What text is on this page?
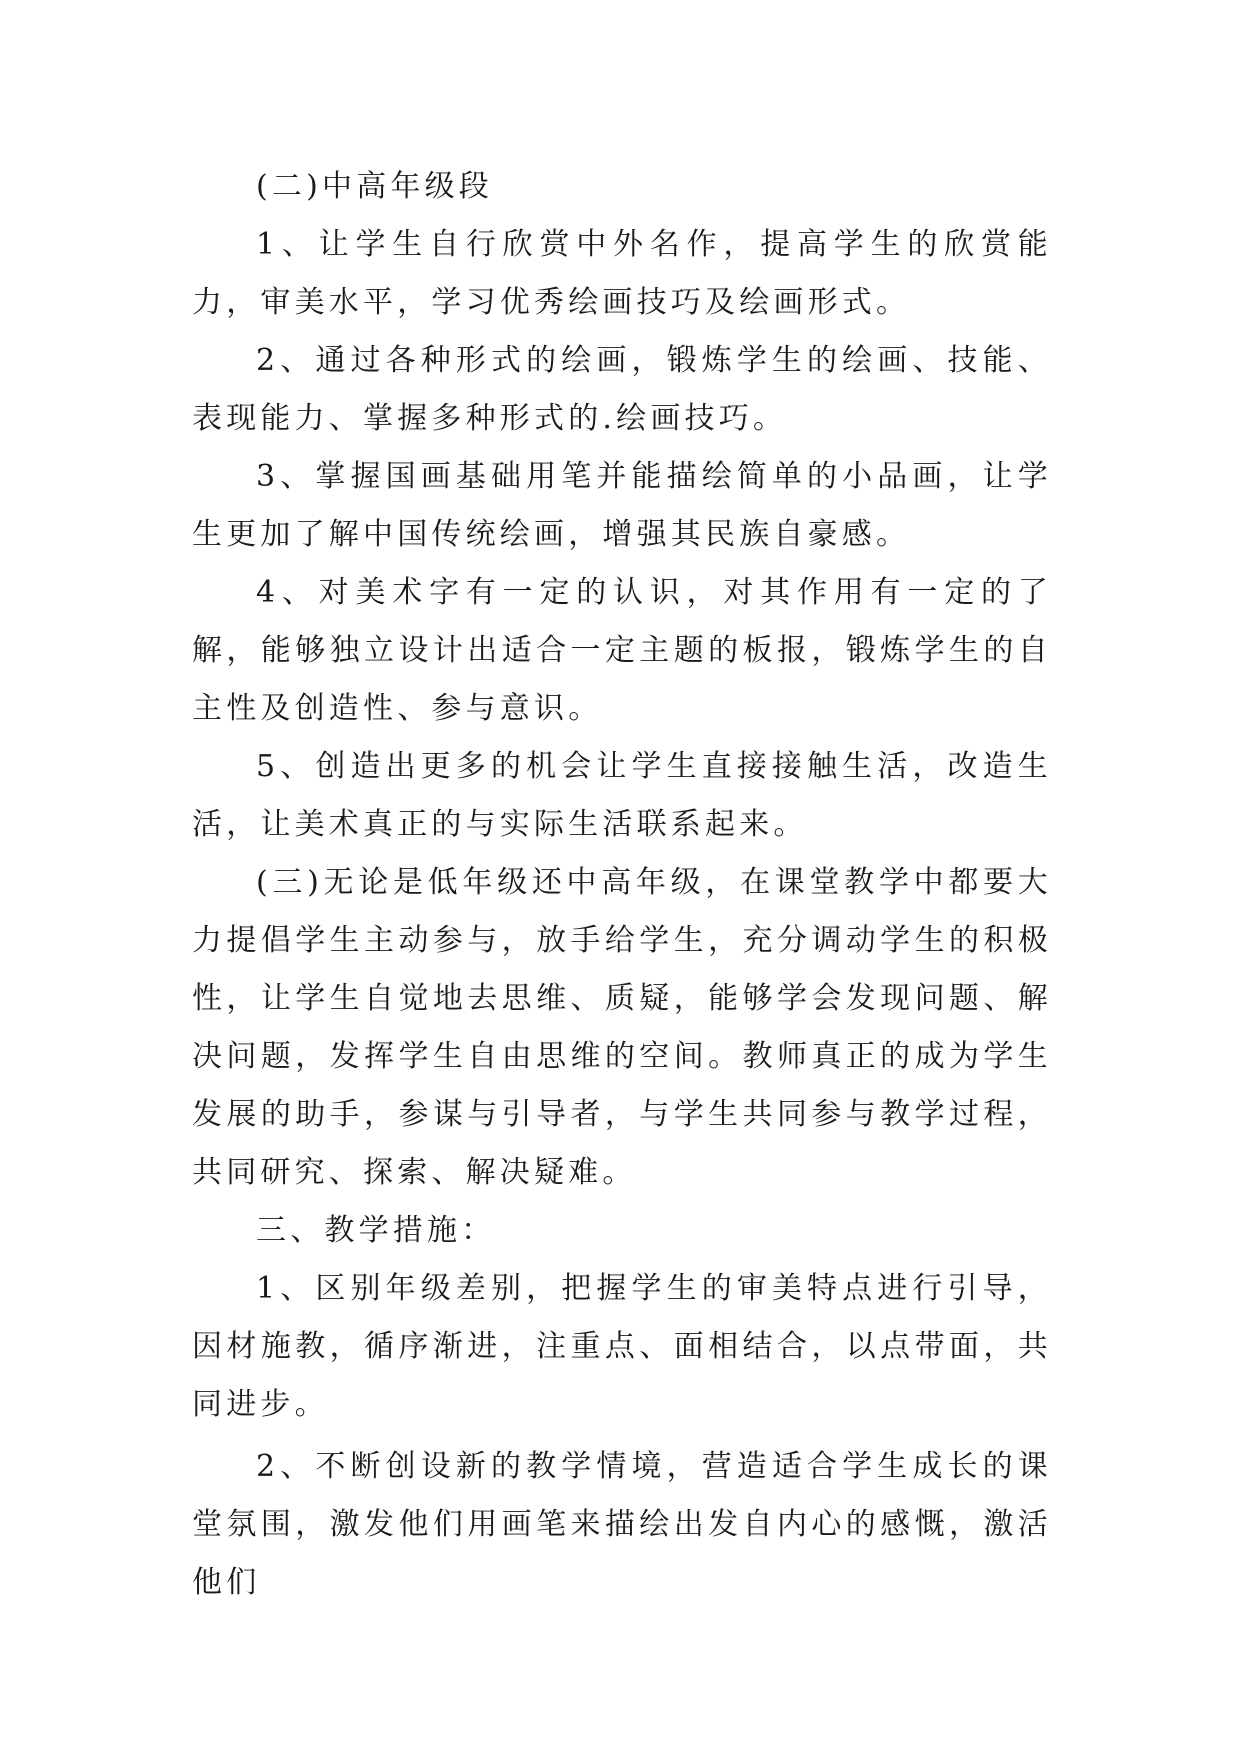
(二)中高年级段

1、让学生自行欣赏中外名作，提高学生的欣赏能力，审美水平，学习优秀绘画技巧及绘画形式。

2、通过各种形式的绘画，锻炼学生的绘画、技能、表现能力、掌握多种形式的.绘画技巧。

3、掌握国画基础用笔并能描绘简单的小品画，让学生更加了解中国传统绘画，增强其民族自豪感。

4、对美术字有一定的认识，对其作用有一定的了解，能够独立设计出适合一定主题的板报，锻炼学生的自主性及创造性、参与意识。

5、创造出更多的机会让学生直接接触生活，改造生活，让美术真正的与实际生活联系起来。

(三)无论是低年级还中高年级，在课堂教学中都要大力提倡学生主动参与，放手给学生，充分调动学生的积极性，让学生自觉地去思维、质疑，能够学会发现问题、解决问题，发挥学生自由思维的空间。教师真正的成为学生发展的助手，参谋与引导者，与学生共同参与教学过程，共同研究、探索、解决疑难。

三、教学措施：

1、区别年级差别，把握学生的审美特点进行引导，因材施教，循序渐进，注重点、面相结合，以点带面，共同进步。

2、不断创设新的教学情境，营造适合学生成长的课堂氛围，激发他们用画笔来描绘出发自内心的感慨，激活他们
